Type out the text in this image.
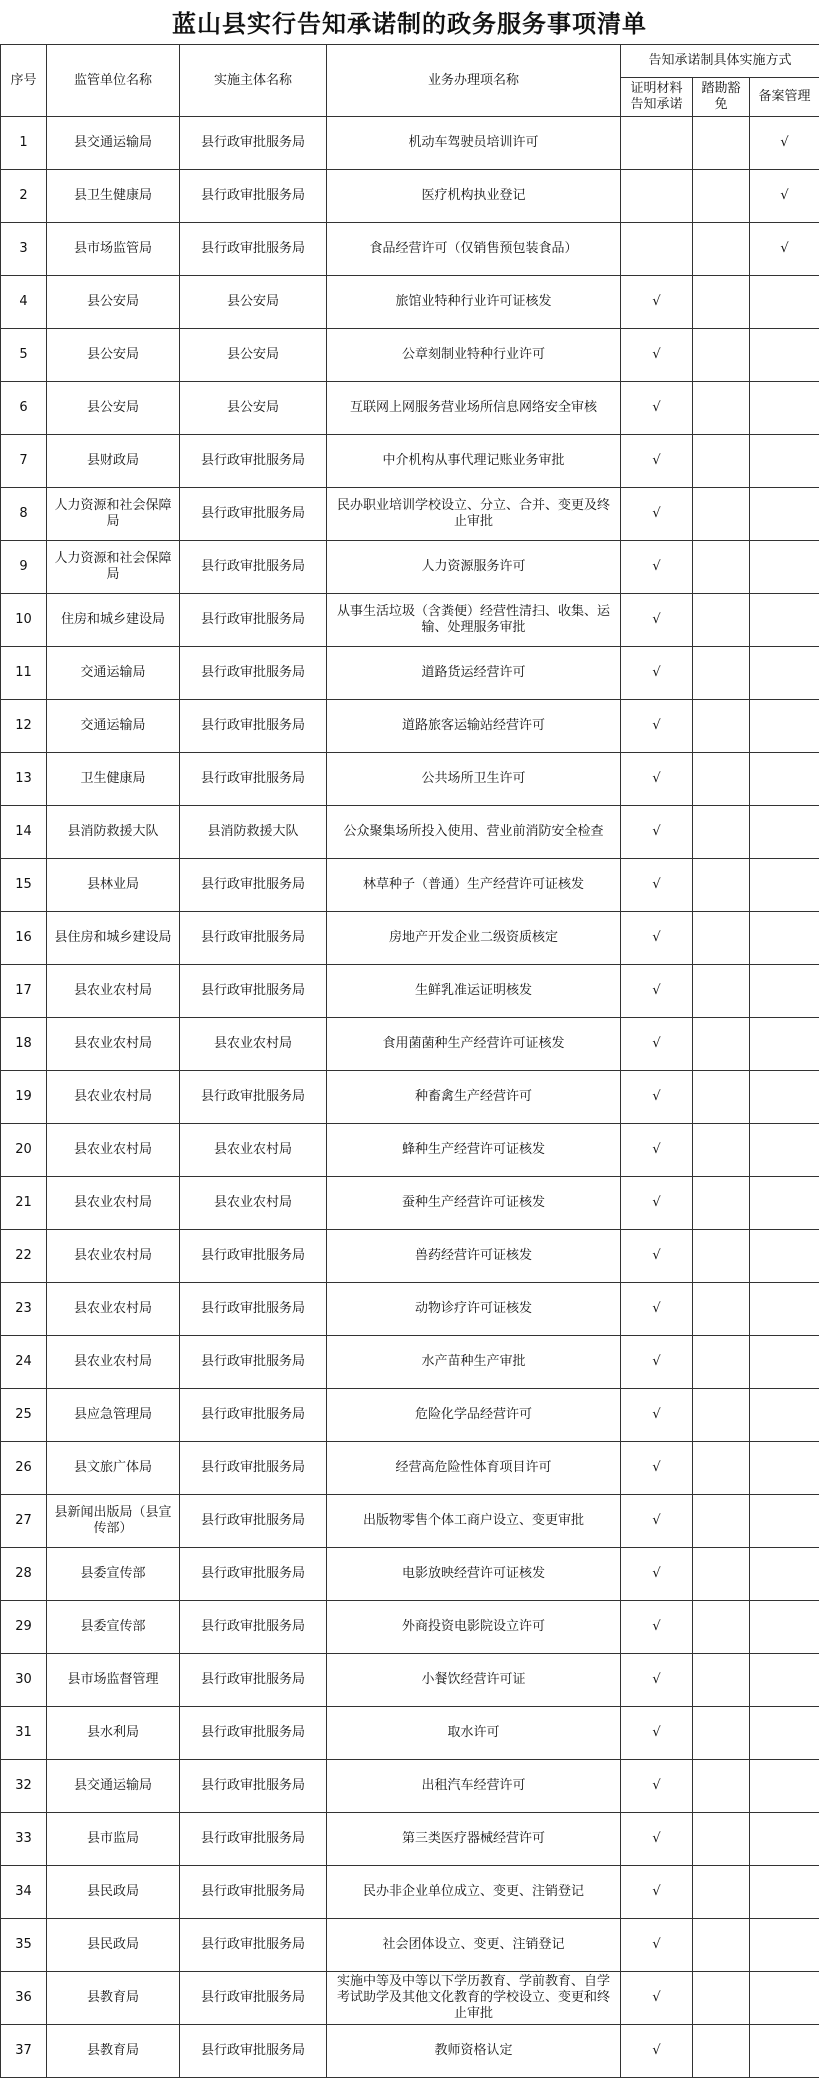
蓝山县实行告知承诺制的政务服务事项清单
序号	监管单位名称	实施主体名称	业务办理项名称	告知承诺制具体实施方式		
				证明材料告知承诺	踏勘豁免	备案管理
1	县交通运输局	县行政审批服务局	机动车驾驶员培训许可			√
2	县卫生健康局	县行政审批服务局	医疗机构执业登记			√
3	县市场监管局	县行政审批服务局	食品经营许可（仅销售预包装食品）			√
4	县公安局	县公安局	旅馆业特种行业许可证核发	√		
5	县公安局	县公安局	公章刻制业特种行业许可	√		
6	县公安局	县公安局	互联网上网服务营业场所信息网络安全审核	√		
7	县财政局	县行政审批服务局	中介机构从事代理记账业务审批	√		
8	人力资源和社会保障局	县行政审批服务局	民办职业培训学校设立、分立、合并、变更及终止审批	√		
9	人力资源和社会保障局	县行政审批服务局	人力资源服务许可	√		
10	住房和城乡建设局	县行政审批服务局	从事生活垃圾（含粪便）经营性清扫、收集、运输、处理服务审批	√		
11	交通运输局	县行政审批服务局	道路货运经营许可	√		
12	交通运输局	县行政审批服务局	道路旅客运输站经营许可	√		
13	卫生健康局	县行政审批服务局	公共场所卫生许可	√		
14	县消防救援大队	县消防救援大队	公众聚集场所投入使用、营业前消防安全检查	√		
15	县林业局	县行政审批服务局	林草种子（普通）生产经营许可证核发	√		
16	县住房和城乡建设局	县行政审批服务局	房地产开发企业二级资质核定	√		
17	县农业农村局	县行政审批服务局	生鲜乳准运证明核发	√		
18	县农业农村局	县农业农村局	食用菌菌种生产经营许可证核发	√		
19	县农业农村局	县行政审批服务局	种畜禽生产经营许可	√		
20	县农业农村局	县农业农村局	蜂种生产经营许可证核发	√		
21	县农业农村局	县农业农村局	蚕种生产经营许可证核发	√		
22	县农业农村局	县行政审批服务局	兽药经营许可证核发	√		
23	县农业农村局	县行政审批服务局	动物诊疗许可证核发	√		
24	县农业农村局	县行政审批服务局	水产苗种生产审批	√		
25	县应急管理局	县行政审批服务局	危险化学品经营许可	√		
26	县文旅广体局	县行政审批服务局	经营高危险性体育项目许可	√		
27	县新闻出版局（县宣传部）	县行政审批服务局	出版物零售个体工商户设立、变更审批	√		
28	县委宣传部	县行政审批服务局	电影放映经营许可证核发	√		
29	县委宣传部	县行政审批服务局	外商投资电影院设立许可	√		
30	县市场监督管理	县行政审批服务局	小餐饮经营许可证	√		
31	县水利局	县行政审批服务局	取水许可	√		
32	县交通运输局	县行政审批服务局	出租汽车经营许可	√		
33	县市监局	县行政审批服务局	第三类医疗器械经营许可	√		
34	县民政局	县行政审批服务局	民办非企业单位成立、变更、注销登记	√		
35	县民政局	县行政审批服务局	社会团体设立、变更、注销登记	√		
36	县教育局	县行政审批服务局	实施中等及中等以下学历教育、学前教育、自学考试助学及其他文化教育的学校设立、变更和终止审批	√		
37	县教育局	县行政审批服务局	教师资格认定	√		
